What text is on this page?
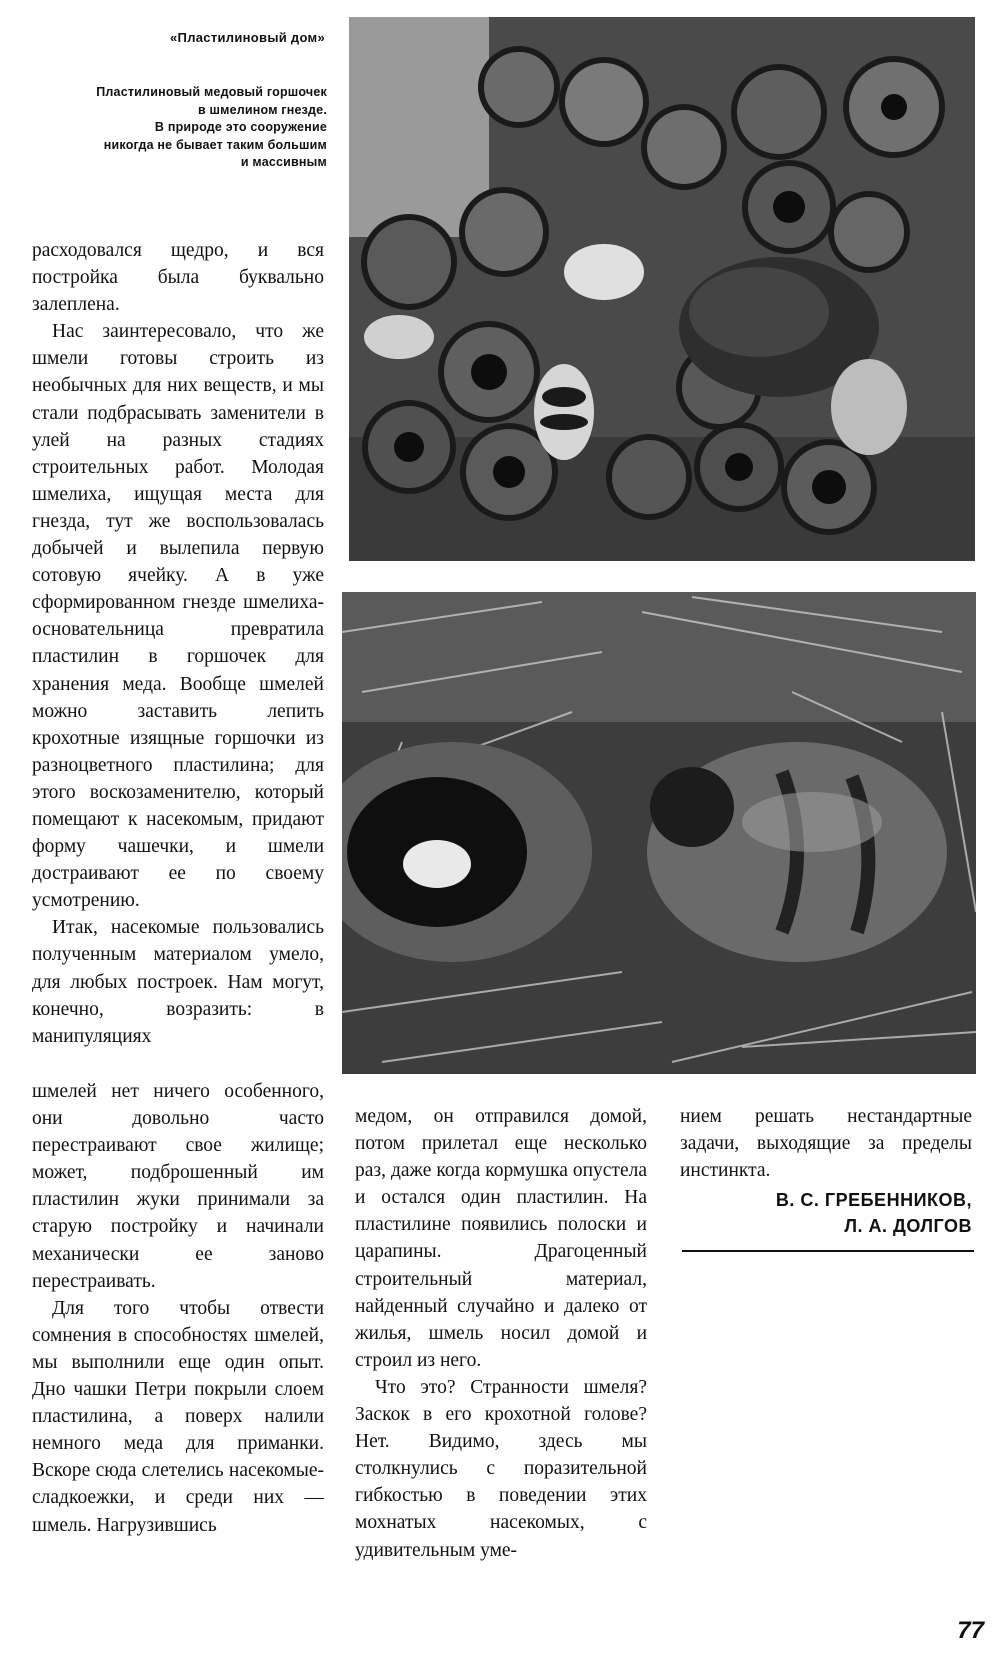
«Пластилиновый дом»
Пластилиновый медовый горшочек
в шмелином гнезде.
В природе это сооружение
никогда не бывает таким большим
и массивным

расходовался щедро, и вся постройка была буквально залеплена.

Нас заинтересовало, что же шмели готовы строить из необычных для них веществ, и мы стали подбрасывать заменители в улей на разных стадиях строительных работ. Молодая шмелиха, ищущая места для гнезда, тут же воспользовалась добычей и вылепила первую сотовую ячейку. А в уже сформированном гнезде шмелиха-основательница превратила пластилин в горшочек для хранения меда. Вообще шмелей можно заставить лепить крохотные изящные горшочки из разноцветного пластилина; для этого воскозаменителю, который помещают к насекомым, придают форму чашечки, и шмели достраивают ее по своему усмотрению.

Итак, насекомые пользовались полученным материалом умело, для любых построек. Нам могут, конечно, возразить: в манипуляциях

шмелей нет ничего особенного, они довольно часто перестраивают свое жилище; может, подброшенный им пластилин жуки принимали за старую постройку и начинали механически ее заново перестраивать.

Для того чтобы отвести сомнения в способностях шмелей, мы выполнили еще один опыт. Дно чашки Петри покрыли слоем пластилина, а поверх налили немного меда для приманки. Вскоре сюда слетелись насекомые-сладкоежки, и среди них — шмель. Нагрузившись

медом, он отправился домой, потом прилетал еще несколько раз, даже когда кормушка опустела и остался один пластилин. На пластилине появились полоски и царапины. Драгоценный строительный материал, найденный случайно и далеко от жилья, шмель носил домой и строил из него.

Что это? Странности шмеля? Заскок в его крохотной голове? Нет. Видимо, здесь мы столкнулись с поразительной гибкостью в поведении этих мохнатых насекомых, с удивительным уме-

нием решать нестандартные задачи, выходящие за пределы инстинкта.

В. С. ГРЕБЕННИКОВ,
Л. А. ДОЛГОВ
77
